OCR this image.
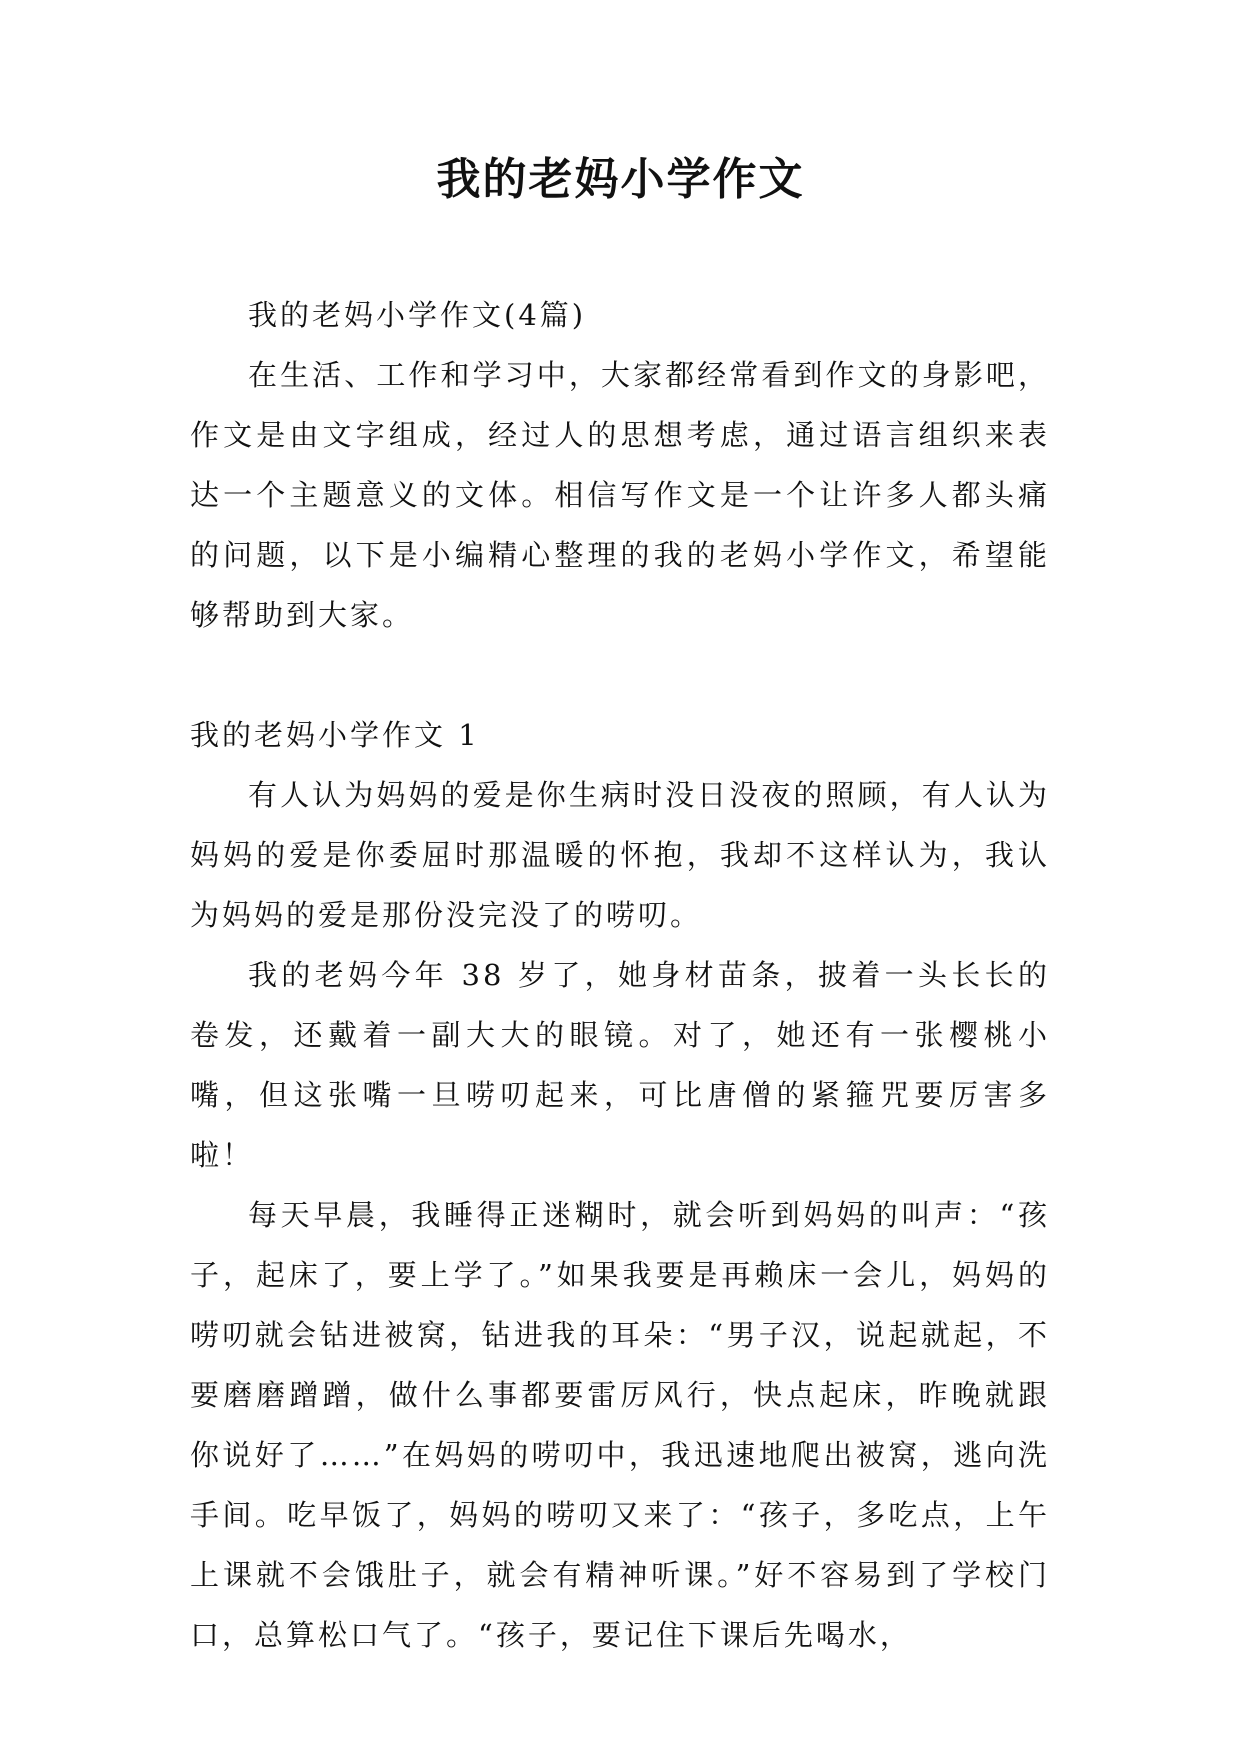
我的老妈小学作文

我的老妈小学作文(4篇)

在生活、工作和学习中，大家都经常看到作文的身影吧，作文是由文字组成，经过人的思想考虑，通过语言组织来表达一个主题意义的文体。相信写作文是一个让许多人都头痛的问题，以下是小编精心整理的我的老妈小学作文，希望能够帮助到大家。

我的老妈小学作文 1

有人认为妈妈的爱是你生病时没日没夜的照顾，有人认为妈妈的爱是你委屈时那温暖的怀抱，我却不这样认为，我认为妈妈的爱是那份没完没了的唠叨。

我的老妈今年 38 岁了，她身材苗条，披着一头长长的卷发，还戴着一副大大的眼镜。对了，她还有一张樱桃小嘴，但这张嘴一旦唠叨起来，可比唐僧的紧箍咒要厉害多啦！

每天早晨，我睡得正迷糊时，就会听到妈妈的叫声：“孩子，起床了，要上学了。”如果我要是再赖床一会儿，妈妈的唠叨就会钻进被窝，钻进我的耳朵：“男子汉，说起就起，不要磨磨蹭蹭，做什么事都要雷厉风行，快点起床，昨晚就跟你说好了……”在妈妈的唠叨中，我迅速地爬出被窝，逃向洗手间。吃早饭了，妈妈的唠叨又来了：“孩子，多吃点，上午上课就不会饿肚子，就会有精神听课。”好不容易到了学校门口，总算松口气了。“孩子，要记住下课后先喝水，
